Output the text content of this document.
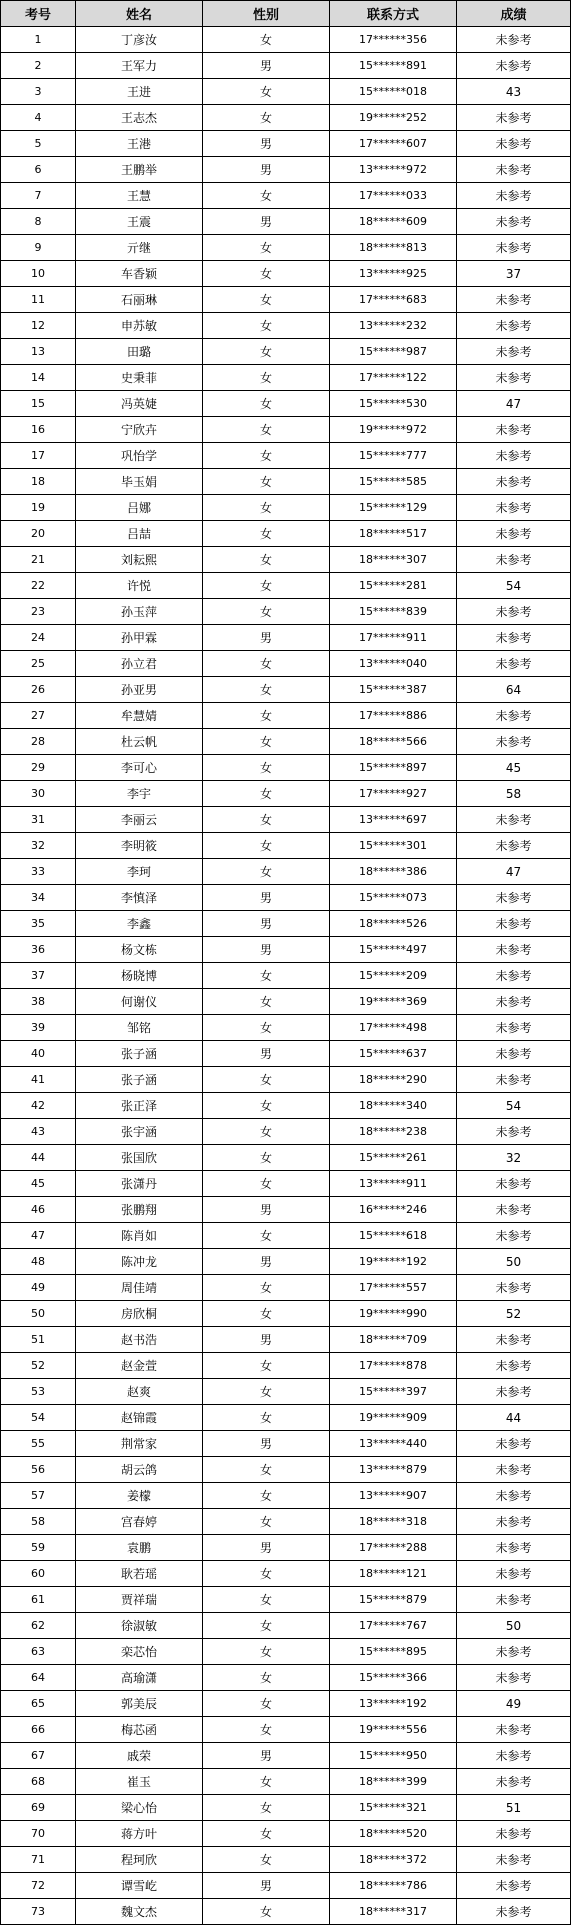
考号	姓名	性别	联系方式	成绩
1	丁彦汝	女	17******356	未参考
2	王军力	男	15******891	未参考
3	王进	女	15******018	43
4	王志杰	女	19******252	未参考
5	王港	男	17******607	未参考
6	王鹏举	男	13******972	未参考
7	王慧	女	17******033	未参考
8	王震	男	18******609	未参考
9	亓继	女	18******813	未参考
10	车香颖	女	13******925	37
11	石丽琳	女	17******683	未参考
12	申苏敏	女	13******232	未参考
13	田璐	女	15******987	未参考
14	史秉菲	女	17******122	未参考
15	冯英婕	女	15******530	47
16	宁欣卉	女	19******972	未参考
17	巩怡学	女	15******777	未参考
18	毕玉娟	女	15******585	未参考
19	吕娜	女	15******129	未参考
20	吕喆	女	18******517	未参考
21	刘耘熙	女	18******307	未参考
22	许悦	女	15******281	54
23	孙玉萍	女	15******839	未参考
24	孙甲霖	男	17******911	未参考
25	孙立君	女	13******040	未参考
26	孙亚男	女	15******387	64
27	牟慧婧	女	17******886	未参考
28	杜云帆	女	18******566	未参考
29	李可心	女	15******897	45
30	李宇	女	17******927	58
31	李丽云	女	13******697	未参考
32	李明筱	女	15******301	未参考
33	李珂	女	18******386	47
34	李慎泽	男	15******073	未参考
35	李鑫	男	18******526	未参考
36	杨文栋	男	15******497	未参考
37	杨晓博	女	15******209	未参考
38	何谢仪	女	19******369	未参考
39	邹铭	女	17******498	未参考
40	张子涵	男	15******637	未参考
41	张子涵	女	18******290	未参考
42	张正泽	女	18******340	54
43	张宇涵	女	18******238	未参考
44	张国欣	女	15******261	32
45	张潇丹	女	13******911	未参考
46	张鹏翔	男	16******246	未参考
47	陈肖如	女	15******618	未参考
48	陈冲龙	男	19******192	50
49	周佳靖	女	17******557	未参考
50	房欣桐	女	19******990	52
51	赵书浩	男	18******709	未参考
52	赵金萱	女	17******878	未参考
53	赵爽	女	15******397	未参考
54	赵锦霞	女	19******909	44
55	荆常家	男	13******440	未参考
56	胡云鸽	女	13******879	未参考
57	姜檬	女	13******907	未参考
58	宫春婷	女	18******318	未参考
59	袁鹏	男	17******288	未参考
60	耿若瑶	女	18******121	未参考
61	贾祥瑞	女	15******879	未参考
62	徐淑敏	女	17******767	50
63	栾芯怡	女	15******895	未参考
64	高瑜潇	女	15******366	未参考
65	郭美辰	女	13******192	49
66	梅芯函	女	19******556	未参考
67	戚荣	男	15******950	未参考
68	崔玉	女	18******399	未参考
69	梁心怡	女	15******321	51
70	蒋方叶	女	18******520	未参考
71	程珂欣	女	18******372	未参考
72	谭雪屹	男	18******786	未参考
73	魏文杰	女	18******317	未参考
